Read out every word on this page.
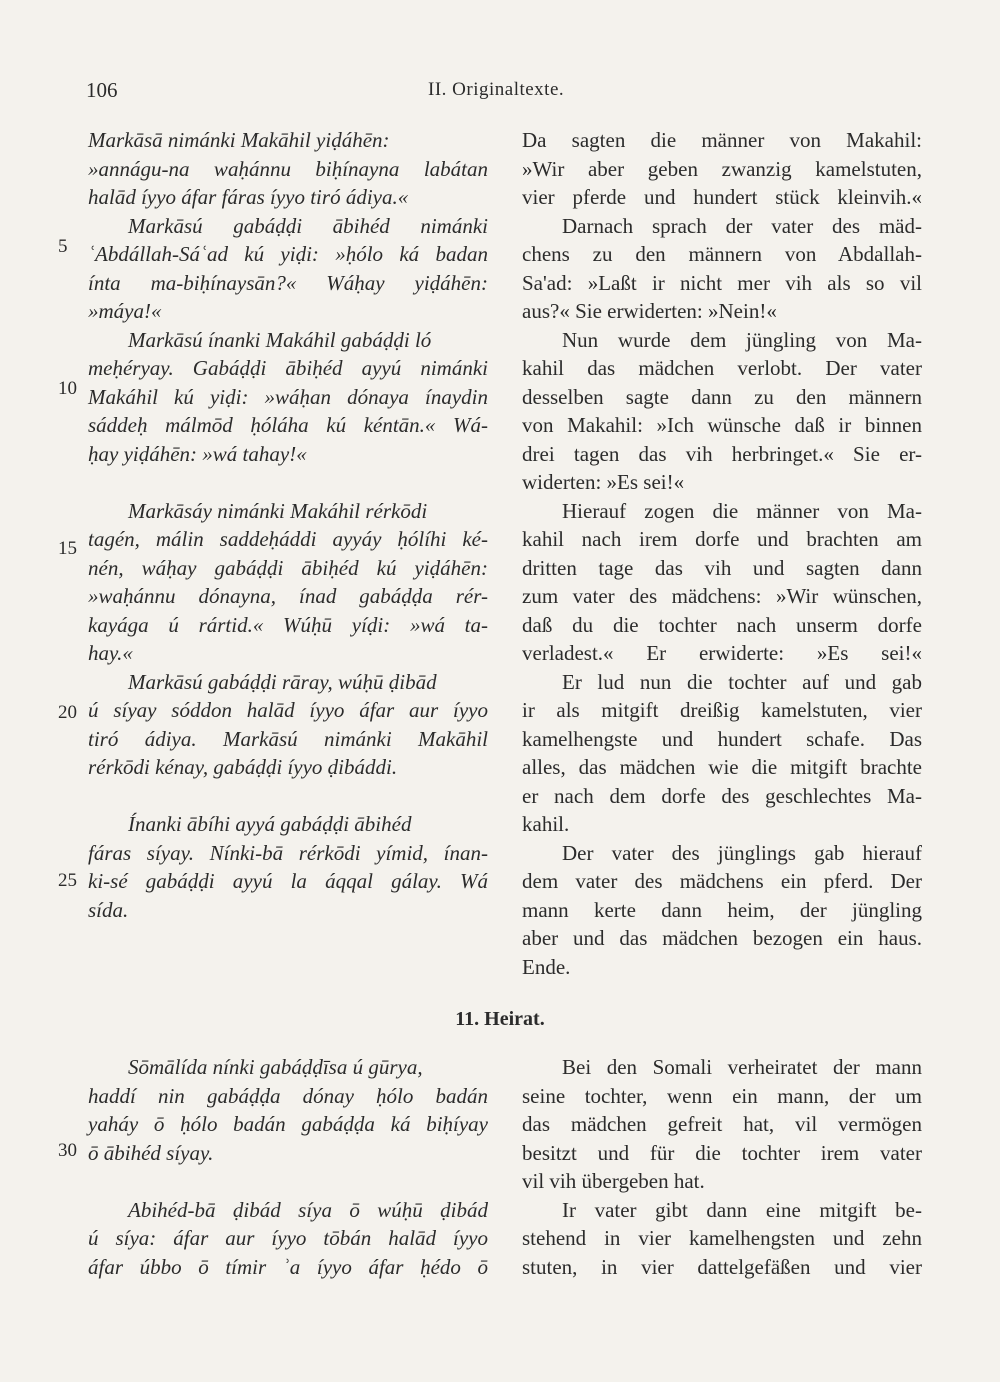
106	II. Originaltexte.
5
10
15
20
25
30
Markāsā nimánki Makāhil yiḍáhēn:
»annágu-na waḥánnu biḥínayna labátan
halād íyyo áfar fáras íyyo tiró ádiya.«
Markāsú gabáḍḍi ābihéd nimánki
ʿAbdállah-Sáʿad kú yiḍi: »ḥólo ká badan
ínta ma-biḥínaysān?« Wáḥay yiḍáhēn:
»máya!«
Markāsú ínanki Makáhil gabáḍḍi ló
meḥéryay. Gabáḍḍi ābiḥéd ayyú nimánki
Makáhil kú yiḍi: »wáḥan dónaya ínaydin
sáddeḥ málmōd ḥóláha kú kéntān.« Wá-
ḥay yiḍáhēn: »wá tahay!«
Markāsáy nimánki Makáhil rérkōdi
tagén, málin saddeḥáddi ayyáy ḥólíhi ké-
nén, wáḥay gabáḍḍi ābiḥéd kú yiḍáhēn:
»waḥánnu dónayna, ínad gabáḍḍa rér-
kayága ú rártid.« Wúḥū yíḍi: »wá ta-
hay.«
Markāsú gabáḍḍi rāray, wúḥū ḍibād
ú síyay sóddon halād íyyo áfar aur íyyo
tiró ádiya. Markāsú nimánki Makāhil
rérkōdi kénay, gabáḍḍi íyyo ḍibáddi.
Ínanki ābíhi ayyá gabáḍḍi ābihéd
fáras síyay. Nínki-bā rérkōdi yímid, ínan-
ki-sé gabáḍḍi ayyú la áqqal gálay. Wá
sída.
Da sagten die männer von Makahil:
»Wir aber geben zwanzig kamelstuten,
vier pferde und hundert stück kleinvih.«
Darnach sprach der vater des mäd-
chens zu den männern von Abdallah-
Sa'ad: »Laßt ir nicht mer vih als so vil
aus?« Sie erwiderten: »Nein!«
Nun wurde dem jüngling von Ma-
kahil das mädchen verlobt. Der vater
desselben sagte dann zu den männern
von Makahil: »Ich wünsche daß ir binnen
drei tagen das vih herbringet.« Sie er-
widerten: »Es sei!«
Hierauf zogen die männer von Ma-
kahil nach irem dorfe und brachten am
dritten tage das vih und sagten dann
zum vater des mädchens: »Wir wünschen,
daß du die tochter nach unserm dorfe
verladest.« Er erwiderte: »Es sei!«
Er lud nun die tochter auf und gab
ir als mitgift dreißig kamelstuten, vier
kamelhengste und hundert schafe. Das
alles, das mädchen wie die mitgift brachte
er nach dem dorfe des geschlechtes Ma-
kahil.
Der vater des jünglings gab hierauf
dem vater des mädchens ein pferd. Der
mann kerte dann heim, der jüngling
aber und das mädchen bezogen ein haus.
Ende.
11. Heirat.
Sōmālída nínki gabáḍḍīsa ú gūrya,
haddí nin gabáḍḍa dónay ḥólo badán
yaháy ō ḥólo badán gabáḍḍa ká biḥíyay
ō ābihéd síyay.
Abihéd-bā ḍibád síya ō wúḥū ḍibád
ú síya: áfar aur íyyo tōbán halād íyyo
áfar úbbo ō tímir ʾa íyyo áfar ḥédo ō
Bei den Somali verheiratet der mann
seine tochter, wenn ein mann, der um
das mädchen gefreit hat, vil vermögen
besitzt und für die tochter irem vater
vil vih übergeben hat.
Ir vater gibt dann eine mitgift be-
stehend in vier kamelhengsten und zehn
stuten, in vier dattelgefäßen und vier
